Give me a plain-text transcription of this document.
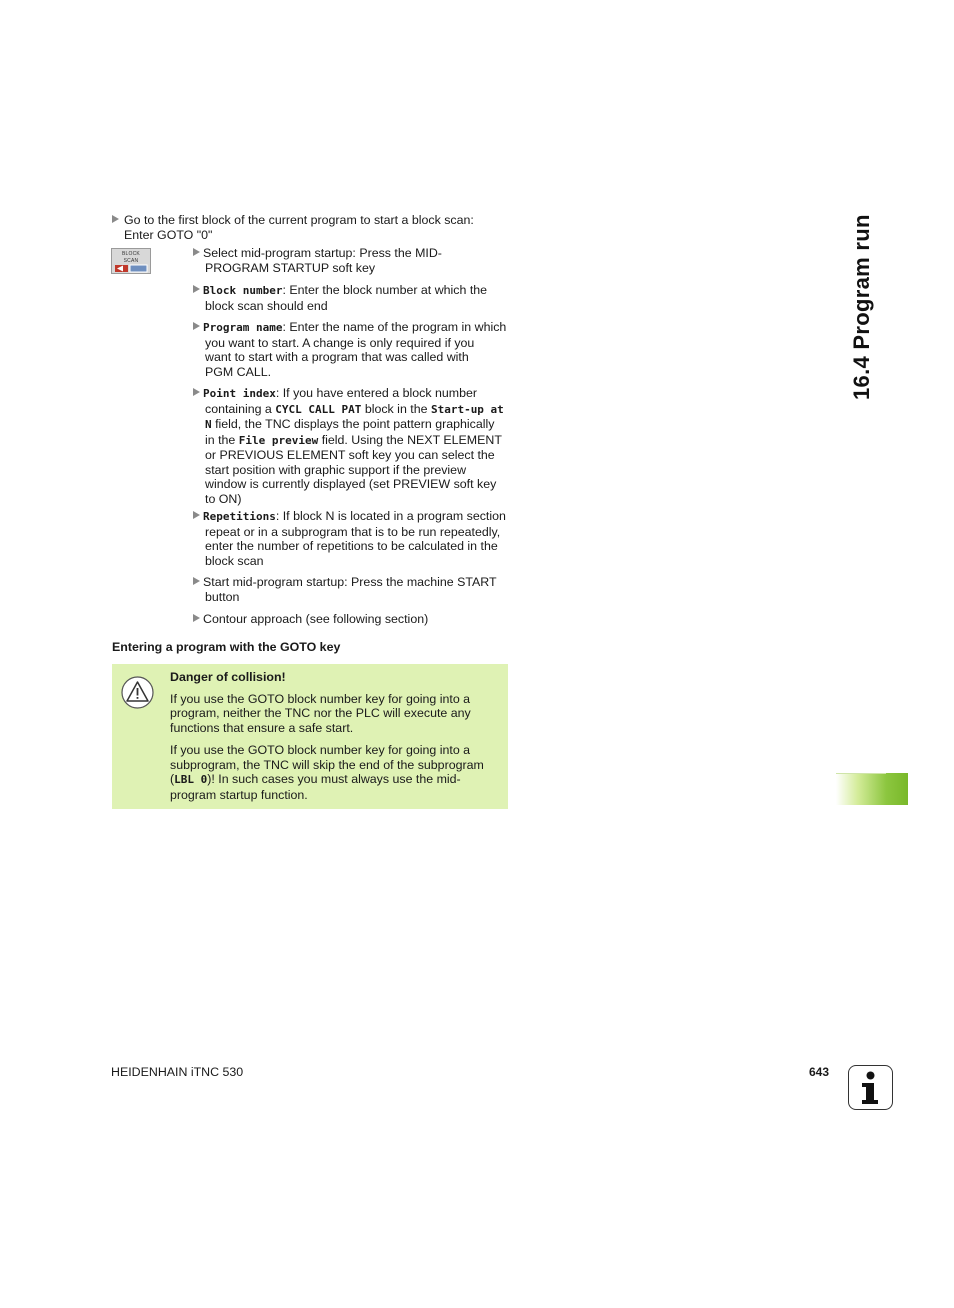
16.4 Program run
Go to the first block of the current program to start a block scan:
Enter GOTO "0"
BLOCK
SCAN
Select mid-program startup: Press the MID-
PROGRAM STARTUP soft key
Block number: Enter the block number at which the
block scan should end
Program name: Enter the name of the program in which
you want to start. A change is only required if you
want to start with a program that was called with
PGM CALL.
Point index: If you have entered a block number
containing a CYCL CALL PAT block in the Start-up at
N field, the TNC displays the point pattern graphically
in the File preview field. Using the NEXT ELEMENT
or PREVIOUS ELEMENT soft key you can select the
start position with graphic support if the preview
window is currently displayed (set PREVIEW soft key
to ON)
Repetitions: If block N is located in a program section
repeat or in a subprogram that is to be run repeatedly,
enter the number of repetitions to be calculated in the
block scan
Start mid-program startup: Press the machine START
button
Contour approach (see following section)
Entering a program with the GOTO key
Danger of collision!
If you use the GOTO block number key for going into a
program, neither the TNC nor the PLC will execute any
functions that ensure a safe start.
If you use the GOTO block number key for going into a
subprogram, the TNC will skip the end of the subprogram
(LBL 0)! In such cases you must always use the mid-
program startup function.
HEIDENHAIN iTNC 530	643
